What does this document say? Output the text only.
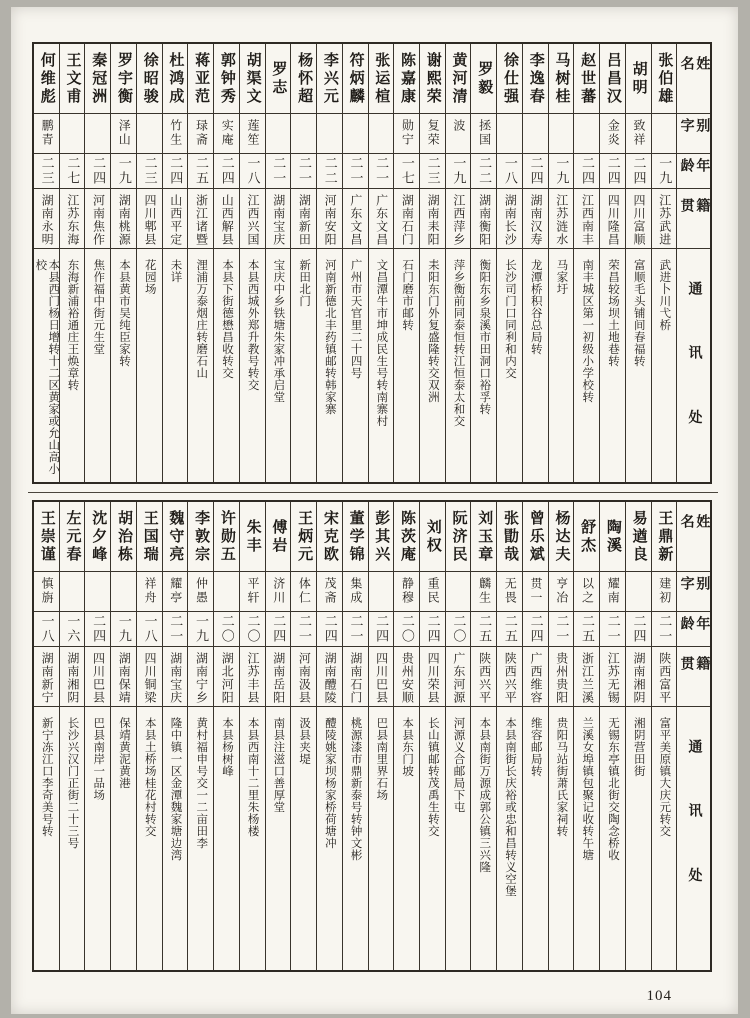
姓名
别字
年龄
籍贯
通讯处
张伯雄
一九
江苏武进
武进卜川弋桥
胡明
致祥
二四
四川富顺
富顺毛头铺间春福转
吕昌汉
金炎
二四
四川隆昌
荣昌较场坝土地巷转
赵世蕃
二四
江西南丰
南丰城区第一初级小学校转
马树桂
一九
江苏涟水
马家圩
李逸春
二四
湖南汉寿
龙潭桥积谷总局转
徐仕强
一八
湖南长沙
长沙司门口同利和内交
罗毅
拯国
二二
湖南衡阳
衡阳东乡泉溪市田洞口裕孚转
黄河清
波
一九
江西萍乡
萍乡衡前同泰恒转江恒泰太和交
谢熙荣
复荣
二三
湖南耒阳
耒阳东门外复盛隆转交双洲
陈嘉康
勋宁
一七
湖南石门
石门磨市邮转
张运楦
二一
广东文昌
文昌潭牛市坤成民生号转南寨村
符炳麟
二一
广东文昌
广州市天官里二十四号
李兴元
二二
河南安阳
河南新德北丰药镇邮转韩家寨
杨怀超
二一
湖南新田
新田北门
罗志
二一
湖南宝庆
宝庆中乡铁塘朱家冲承启堂
胡渠文
莲笙
一八
江西兴国
本县西城外郑升教号转交
郭钟秀
实庵
二四
山西解县
本县下街德懋昌收转交
蒋亚范
琭斋
二五
浙江诸暨
浬浦万泰烟庄转磨石山
杜鸿成
竹生
二四
山西平定
未详
徐昭骏
二三
四川郫县
花园场
罗宇衡
泽山
一九
湖南桃源
本县黄市吴纯臣家转
秦冠洲
二四
河南焦作
焦作福中街元生堂
王文甫
二七
江苏东海
东海新浦裕通庄王焕章转
何维彪
鹏青
二三
湖南永明
本县西门杨日增转十二区黄家或允山高小校
姓名
别字
年龄
籍贯
通讯处
王鼎新
建初
二一
陕西富平
富平美原镇大庆元转交
易遒良
二四
湖南湘阴
湘阴营田街
陶溪
耀南
二一
江苏无锡
无锡东亭镇北街交陶念桥收
舒杰
以之
二五
浙江兰溪
兰溪女埠镇包聚记收转午塘
杨达夫
亨冶
二一
贵州贵阳
贵阳马站街萧氏家祠转
曾乐斌
贯一
二四
广西维容
维容邮局转
张勖哉
无畏
二五
陕西兴平
本县南街长庆裕或忠和昌转义空堡
刘玉章
麟生
二五
陕西兴平
本县南街万源成郭公镇三兴隆
阮济民
二〇
广东河源
河源义合邮局下屯
刘权
重民
二四
四川荣县
长山镇邮转茂禹生转交
陈茨庵
静穆
二〇
贵州安顺
本县东门坡
彭其兴
二四
四川巴县
巴县南里界石场
董学锦
集成
二一
湖南石门
桃源漆市鼎新泰号转钟文彬
宋克欧
茂斋
二四
湖南醴陵
醴陵姚家坝杨家桥荷塘冲
王炳元
体仁
二一
河南汲县
汲县夹堤
傅岩
济川
二四
湖南岳阳
南县注滋口善厚堂
朱丰
平轩
二〇
江苏丰县
本县西南十二里朱杨楼
许勋五
二〇
湖北河阳
本县杨树峰
李敦宗
仲愚
一九
湖南宁乡
黄村福申号交一二亩田李
魏守亮
耀亭
二一
湖南宝庆
隆中镇一区金潭魏家塘边湾
王国瑞
祥舟
一八
四川铜梁
本县土桥场桂花村转交
胡治栋
一九
湖南保靖
保靖黄泥黄港
沈夕峰
二四
四川巴县
巴县南岸一品场
左元春
一六
湖南湘阴
长沙兴汉门正街二十三号
王崇谨
慎旃
一八
湖南新宁
新宁冻江口李奇美号转
104
